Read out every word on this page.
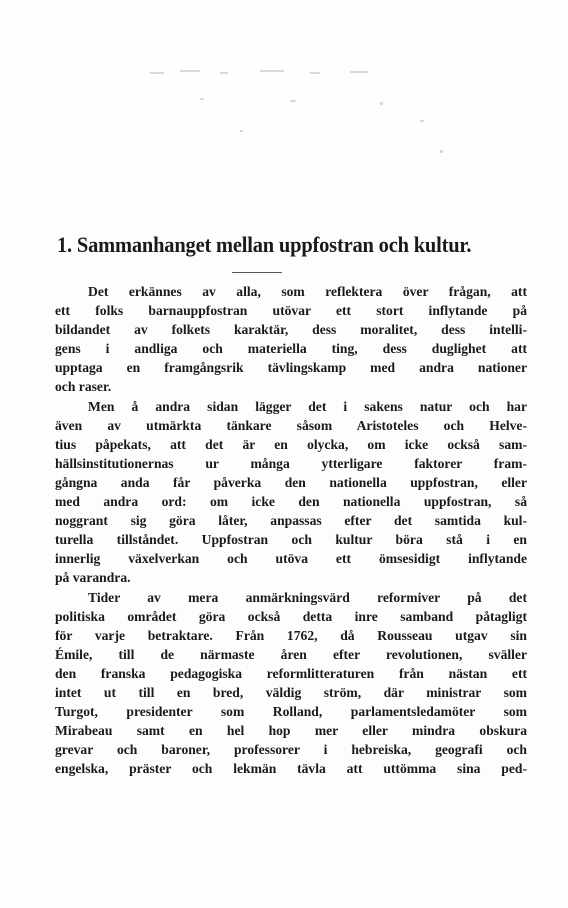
1. Sammanhanget mellan uppfostran och kultur.
Det erkännes av alla, som reflektera över frågan, att
ett folks barnauppfostran utövar ett stort inflytande på
bildandet av folkets karaktär, dess moralitet, dess intelli-
gens i andliga och materiella ting, dess duglighet att
upptaga en framgångsrik tävlingskamp med andra nationer
och raser.
Men å andra sidan lägger det i sakens natur och har
även av utmärkta tänkare såsom Aristoteles och Helve-
tius påpekats, att det är en olycka, om icke också sam-
hällsinstitutionernas ur många ytterligare faktorer fram-
gångna anda får påverka den nationella uppfostran, eller
med andra ord: om icke den nationella uppfostran, så
noggrant sig göra låter, anpassas efter det samtida kul-
turella tillståndet. Uppfostran och kultur böra stå i en
innerlig växelverkan och utöva ett ömsesidigt inflytande
på varandra.
Tider av mera anmärkningsvärd reformiver på det
politiska området göra också detta inre samband påtagligt
för varje betraktare. Från 1762, då Rousseau utgav sin
Émile, till de närmaste åren efter revolutionen, sväller
den franska pedagogiska reformlitteraturen från nästan ett
intet ut till en bred, väldig ström, där ministrar som
Turgot, presidenter som Rolland, parlamentsledamöter som
Mirabeau samt en hel hop mer eller mindra obskura
grevar och baroner, professorer i hebreiska, geografi och
engelska, präster och lekmän tävla att uttömma sina ped-
